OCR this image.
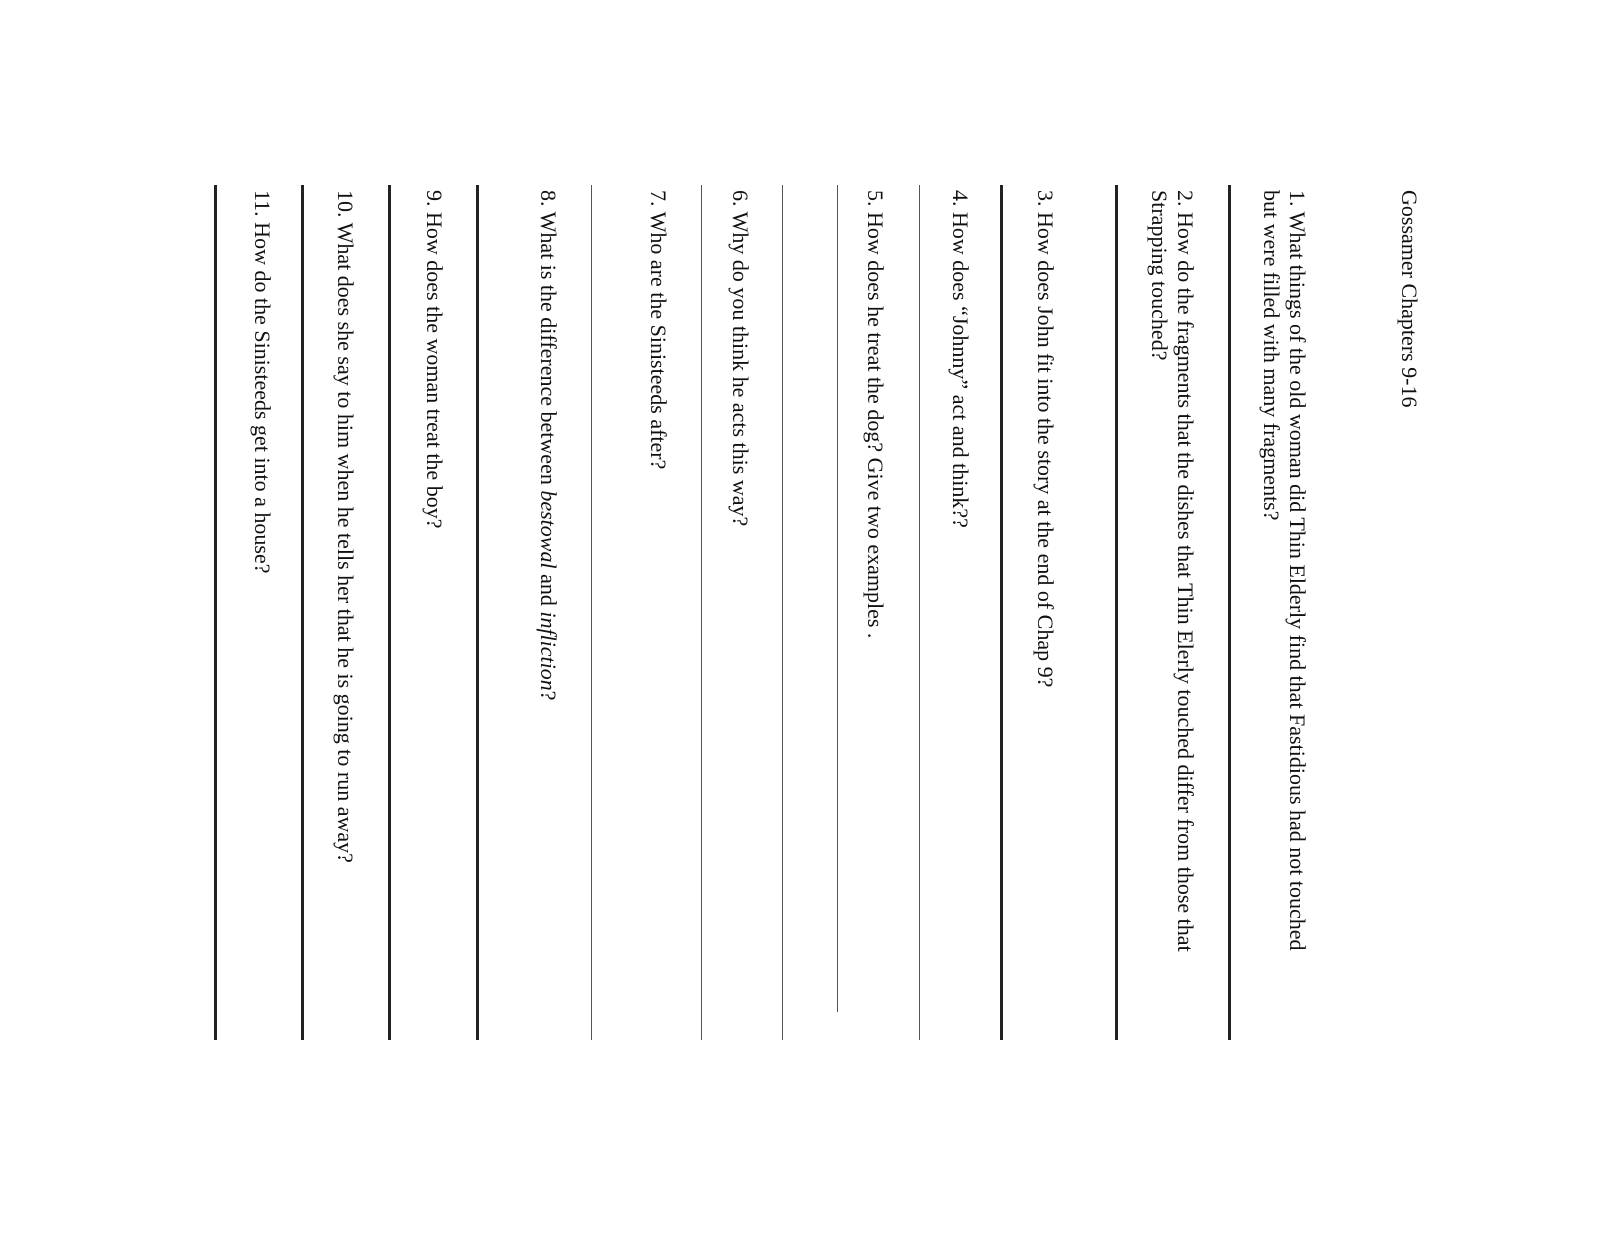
Gossamer Chapters 9-16
1. What things of the old woman did Thin Elderly find that Fastidious had not touched
but were filled with many fragments?
2. How do the fragments that the dishes that Thin Elerly touched differ from those that
Strapping touched?
3. How does John fit into the story at the end of Chap 9?
4. How does “Johnny” act and think??
5. How does he treat the dog? Give two examples .
6. Why do you think he acts this way?
7. Who are the Sinisteeds after?
8. What is the difference between bestowal and infliction?
9. How does the woman treat the boy?
10. What does she say to him when he tells her that he is going to run away?
11. How do the Sinisteeds get into a house?
